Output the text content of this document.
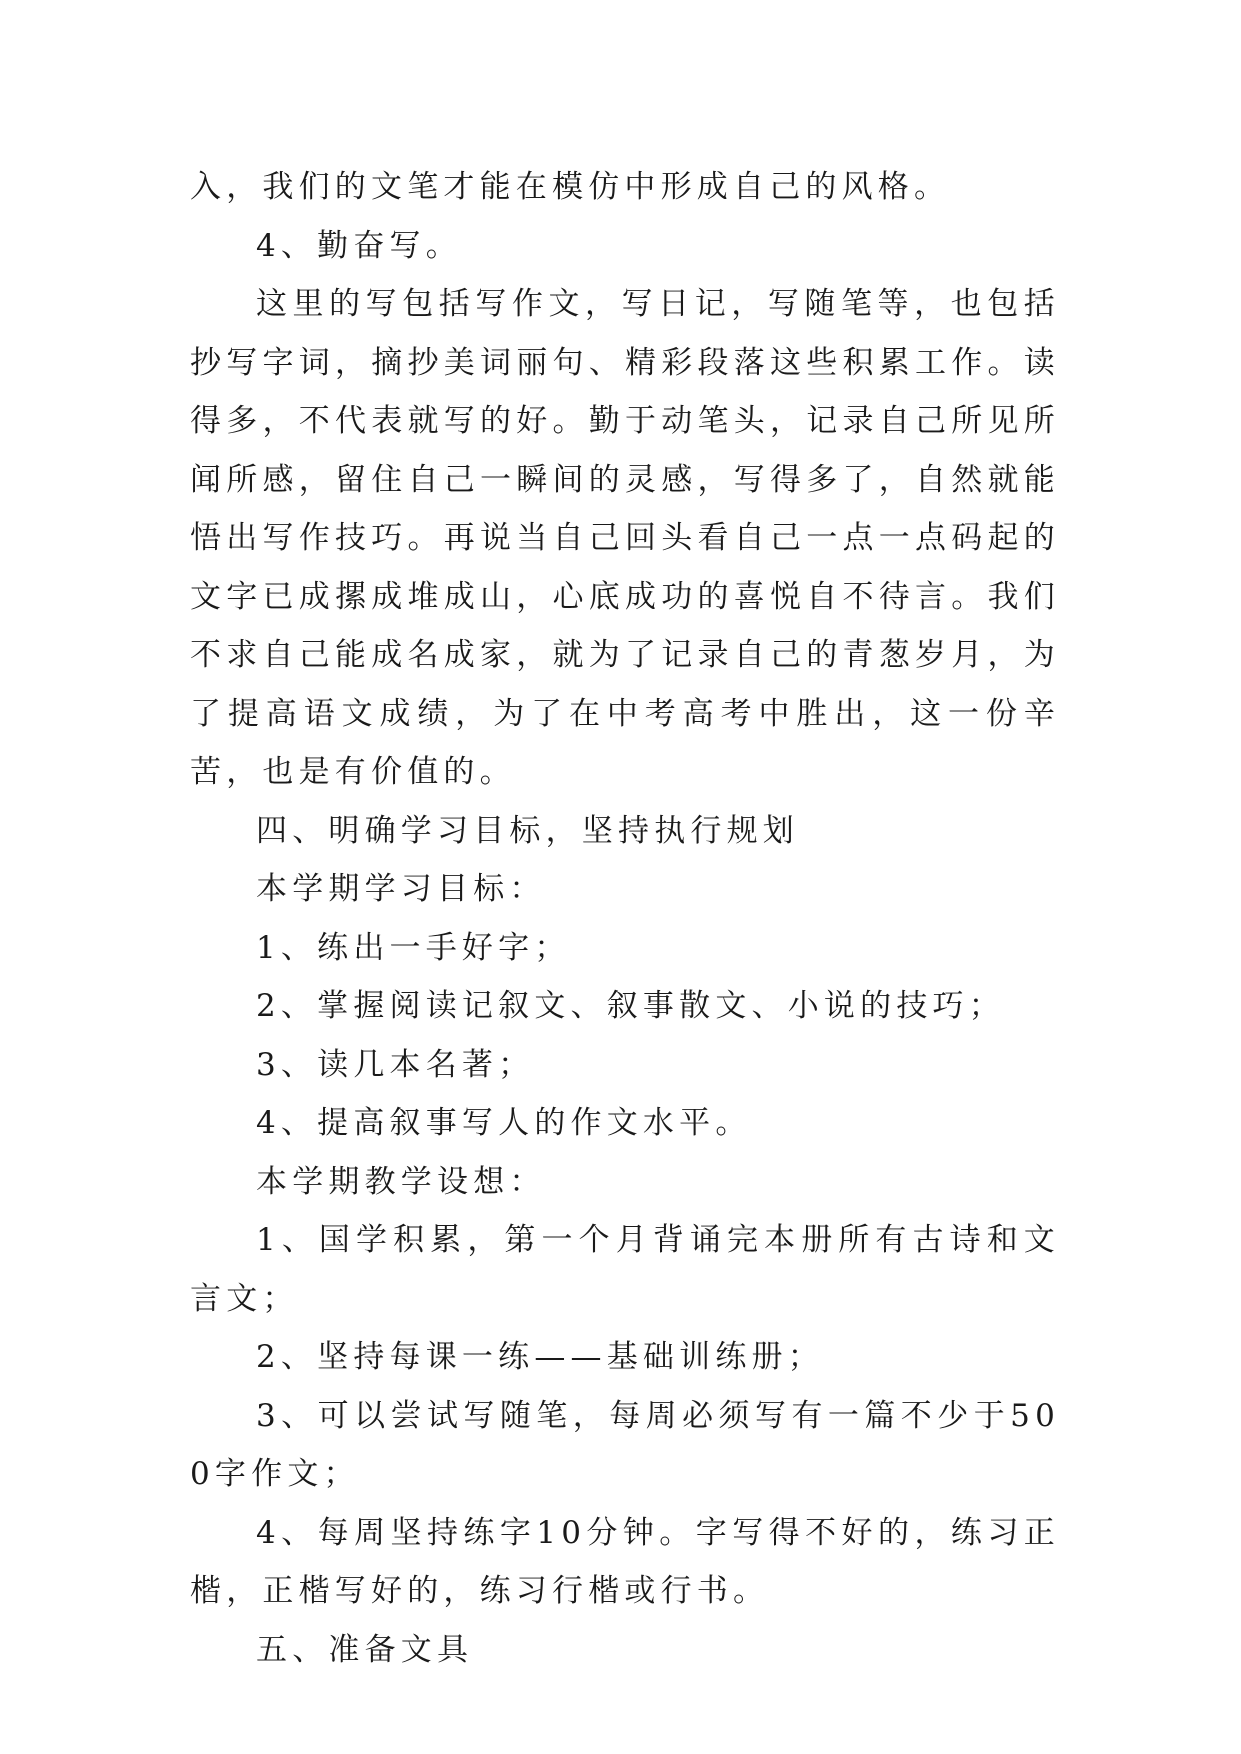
入，我们的文笔才能在模仿中形成自己的风格。

4、勤奋写。

这里的写包括写作文，写日记，写随笔等，也包括抄写字词，摘抄美词丽句、精彩段落这些积累工作。读得多，不代表就写的好。勤于动笔头，记录自己所见所闻所感，留住自己一瞬间的灵感，写得多了，自然就能悟出写作技巧。再说当自己回头看自己一点一点码起的文字已成摞成堆成山，心底成功的喜悦自不待言。我们不求自己能成名成家，就为了记录自己的青葱岁月，为了提高语文成绩，为了在中考高考中胜出，这一份辛苦，也是有价值的。

四、明确学习目标，坚持执行规划

本学期学习目标：

1、练出一手好字；

2、掌握阅读记叙文、叙事散文、小说的技巧；

3、读几本名著；

4、提高叙事写人的作文水平。

本学期教学设想：

1、国学积累，第一个月背诵完本册所有古诗和文言文；

2、坚持每课一练——基础训练册；

3、可以尝试写随笔，每周必须写有一篇不少于500字作文；

4、每周坚持练字10分钟。字写得不好的，练习正楷，正楷写好的，练习行楷或行书。

五、准备文具
